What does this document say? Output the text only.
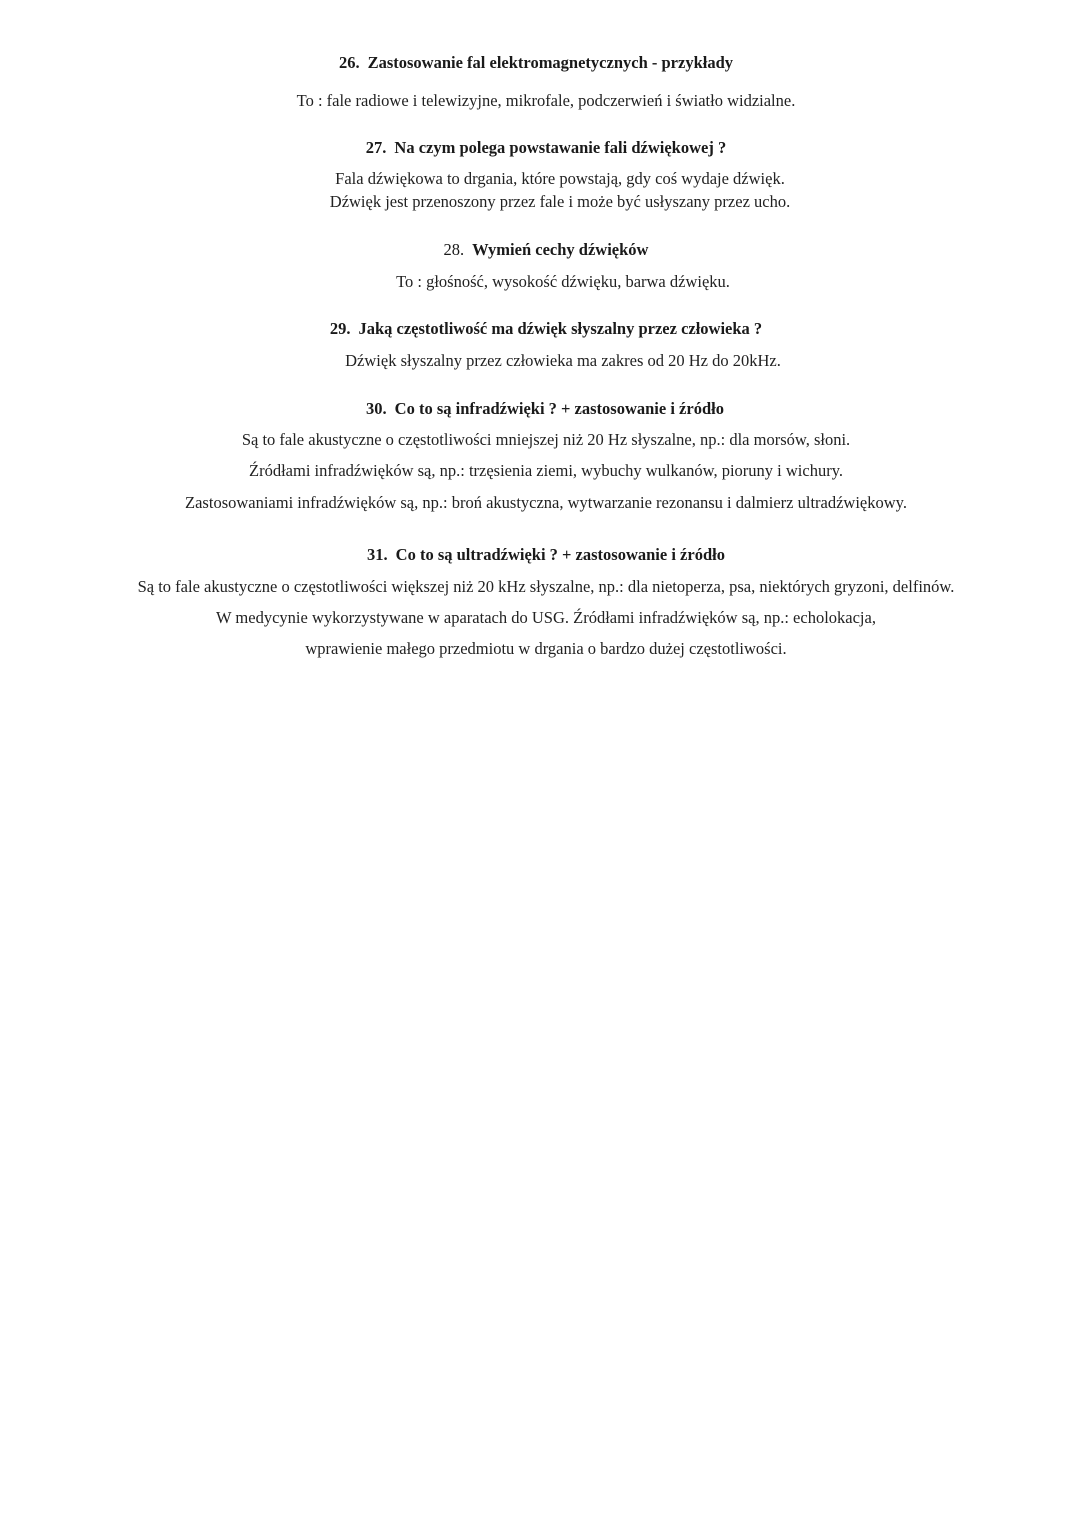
26. Zastosowanie fal elektromagnetycznych - przykłady
To : fale radiowe i telewizyjne, mikrofale, podczerwień i światło widzialne.
27. Na czym polega powstawanie fali dźwiękowej ?
Fala dźwiękowa to drgania, które powstają, gdy coś wydaje dźwięk.
Dźwięk jest przenoszony przez fale i może być usłyszany przez ucho.
28. Wymień cechy dźwięków
To : głośność, wysokość dźwięku, barwa dźwięku.
29. Jaką częstotliwość ma dźwięk słyszalny przez człowieka ?
Dźwięk słyszalny przez człowieka ma zakres od 20 Hz do 20kHz.
30. Co to są infradźwięki ? + zastosowanie i źródło
Są to fale akustyczne o częstotliwości mniejszej niż 20 Hz słyszalne, np.: dla morsów, słoni.
Źródłami infradźwięków są, np.: trzęsienia ziemi, wybuchy wulkanów, pioruny i wichury.
Zastosowaniami infradźwięków są, np.: broń akustyczna, wytwarzanie rezonansu i dalmierz ultradźwiękowy.
31. Co to są ultradźwięki ? + zastosowanie i źródło
Są to fale akustyczne o częstotliwości większej niż 20 kHz słyszalne, np.: dla nietoperza, psa, niektórych gryzoni, delfinów.
W medycynie wykorzystywane w aparatach do USG. Źródłami infradźwięków są, np.: echolokacja,
wprawienie małego przedmiotu w drgania o bardzo dużej częstotliwości.
